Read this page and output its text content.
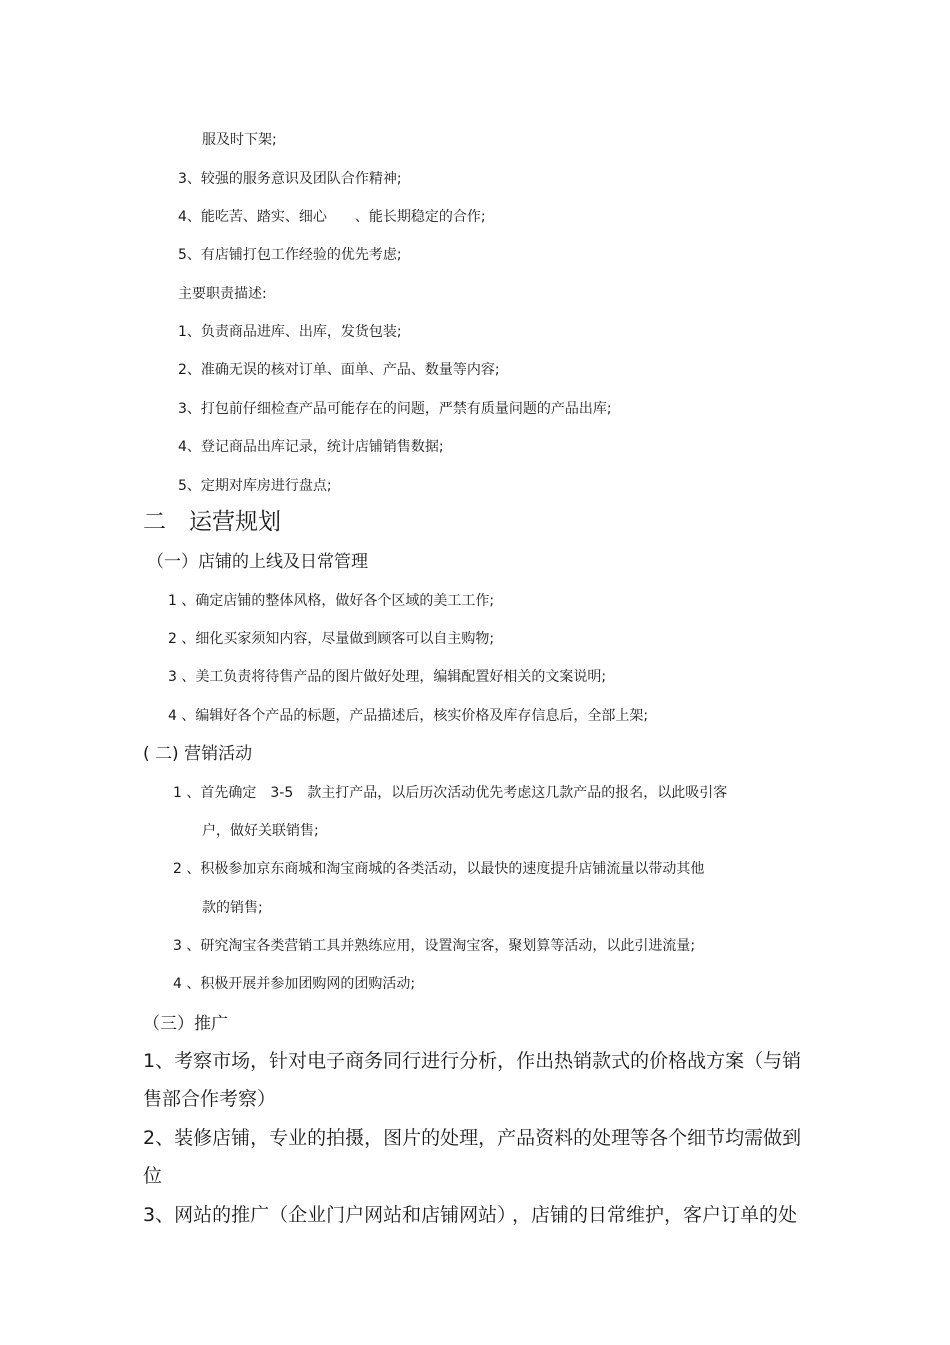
服及时下架;
3、较强的服务意识及团队合作精神;
4、能吃苦、踏实、细心　　、能长期稳定的合作;
5、有店铺打包工作经验的优先考虑;
主要职责描述:
1、负责商品进库、出库，发货包装;
2、准确无误的核对订单、面单、产品、数量等内容;
3、打包前仔细检查产品可能存在的问题，严禁有质量问题的产品出库;
4、登记商品出库记录，统计店铺销售数据;
5、定期对库房进行盘点;
二　运营规划
（一）店铺的上线及日常管理
1 、确定店铺的整体风格，做好各个区域的美工工作;
2 、细化买家须知内容，尽量做到顾客可以自主购物;
3 、美工负责将待售产品的图片做好处理，编辑配置好相关的文案说明;
4 、编辑好各个产品的标题，产品描述后，核实价格及库存信息后，全部上架;
( 二) 营销活动
1 、首先确定　3-5　款主打产品，以后历次活动优先考虑这几款产品的报名，以此吸引客
户，做好关联销售;
2 、积极参加京东商城和淘宝商城的各类活动，以最快的速度提升店铺流量以带动其他
款的销售;
3 、研究淘宝各类营销工具并熟练应用，设置淘宝客，聚划算等活动，以此引进流量;
4 、积极开展并参加团购网的团购活动;
（三）推广
1、考察市场，针对电子商务同行进行分析，作出热销款式的价格战方案（与销
售部合作考察）
2、装修店铺，专业的拍摄，图片的处理，产品资料的处理等各个细节均需做到
位
3、网站的推广（企业门户网站和店铺网站）
，店铺的日常维护，客户订单的处
